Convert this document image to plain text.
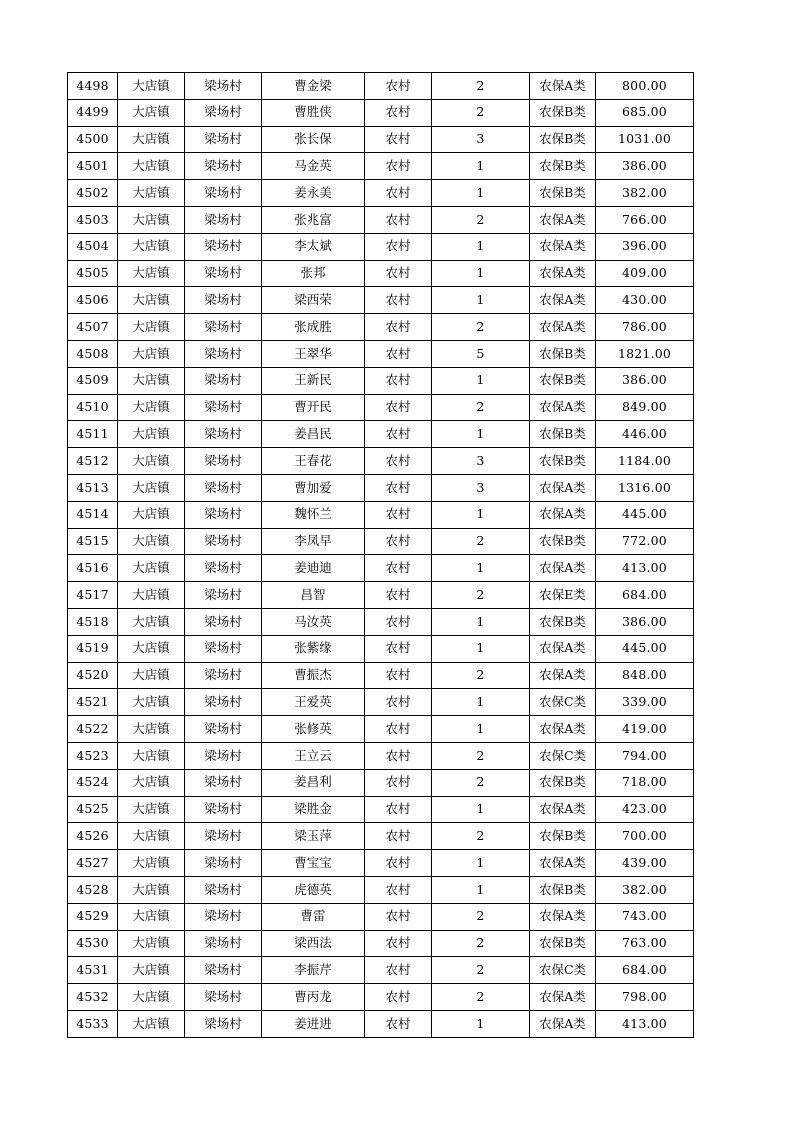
4498	大店镇	梁场村	曹金梁	农村	2	农保A类	800.00
4499	大店镇	梁场村	曹胜侠	农村	2	农保B类	685.00
4500	大店镇	梁场村	张长保	农村	3	农保B类	1031.00
4501	大店镇	梁场村	马金英	农村	1	农保B类	386.00
4502	大店镇	梁场村	姜永美	农村	1	农保B类	382.00
4503	大店镇	梁场村	张兆富	农村	2	农保A类	766.00
4504	大店镇	梁场村	李太斌	农村	1	农保A类	396.00
4505	大店镇	梁场村	张邦	农村	1	农保A类	409.00
4506	大店镇	梁场村	梁西荣	农村	1	农保A类	430.00
4507	大店镇	梁场村	张成胜	农村	2	农保A类	786.00
4508	大店镇	梁场村	王翠华	农村	5	农保B类	1821.00
4509	大店镇	梁场村	王新民	农村	1	农保B类	386.00
4510	大店镇	梁场村	曹开民	农村	2	农保A类	849.00
4511	大店镇	梁场村	姜昌民	农村	1	农保B类	446.00
4512	大店镇	梁场村	王春花	农村	3	农保B类	1184.00
4513	大店镇	梁场村	曹加爱	农村	3	农保A类	1316.00
4514	大店镇	梁场村	魏怀兰	农村	1	农保A类	445.00
4515	大店镇	梁场村	李凤早	农村	2	农保B类	772.00
4516	大店镇	梁场村	姜迪迪	农村	1	农保A类	413.00
4517	大店镇	梁场村	昌智	农村	2	农保E类	684.00
4518	大店镇	梁场村	马汝英	农村	1	农保B类	386.00
4519	大店镇	梁场村	张紫缘	农村	1	农保A类	445.00
4520	大店镇	梁场村	曹振杰	农村	2	农保A类	848.00
4521	大店镇	梁场村	王爱英	农村	1	农保C类	339.00
4522	大店镇	梁场村	张修英	农村	1	农保A类	419.00
4523	大店镇	梁场村	王立云	农村	2	农保C类	794.00
4524	大店镇	梁场村	姜昌利	农村	2	农保B类	718.00
4525	大店镇	梁场村	梁胜金	农村	1	农保A类	423.00
4526	大店镇	梁场村	梁玉萍	农村	2	农保B类	700.00
4527	大店镇	梁场村	曹宝宝	农村	1	农保A类	439.00
4528	大店镇	梁场村	虎德英	农村	1	农保B类	382.00
4529	大店镇	梁场村	曹雷	农村	2	农保A类	743.00
4530	大店镇	梁场村	梁西法	农村	2	农保B类	763.00
4531	大店镇	梁场村	李振芹	农村	2	农保C类	684.00
4532	大店镇	梁场村	曹丙龙	农村	2	农保A类	798.00
4533	大店镇	梁场村	姜进进	农村	1	农保A类	413.00
